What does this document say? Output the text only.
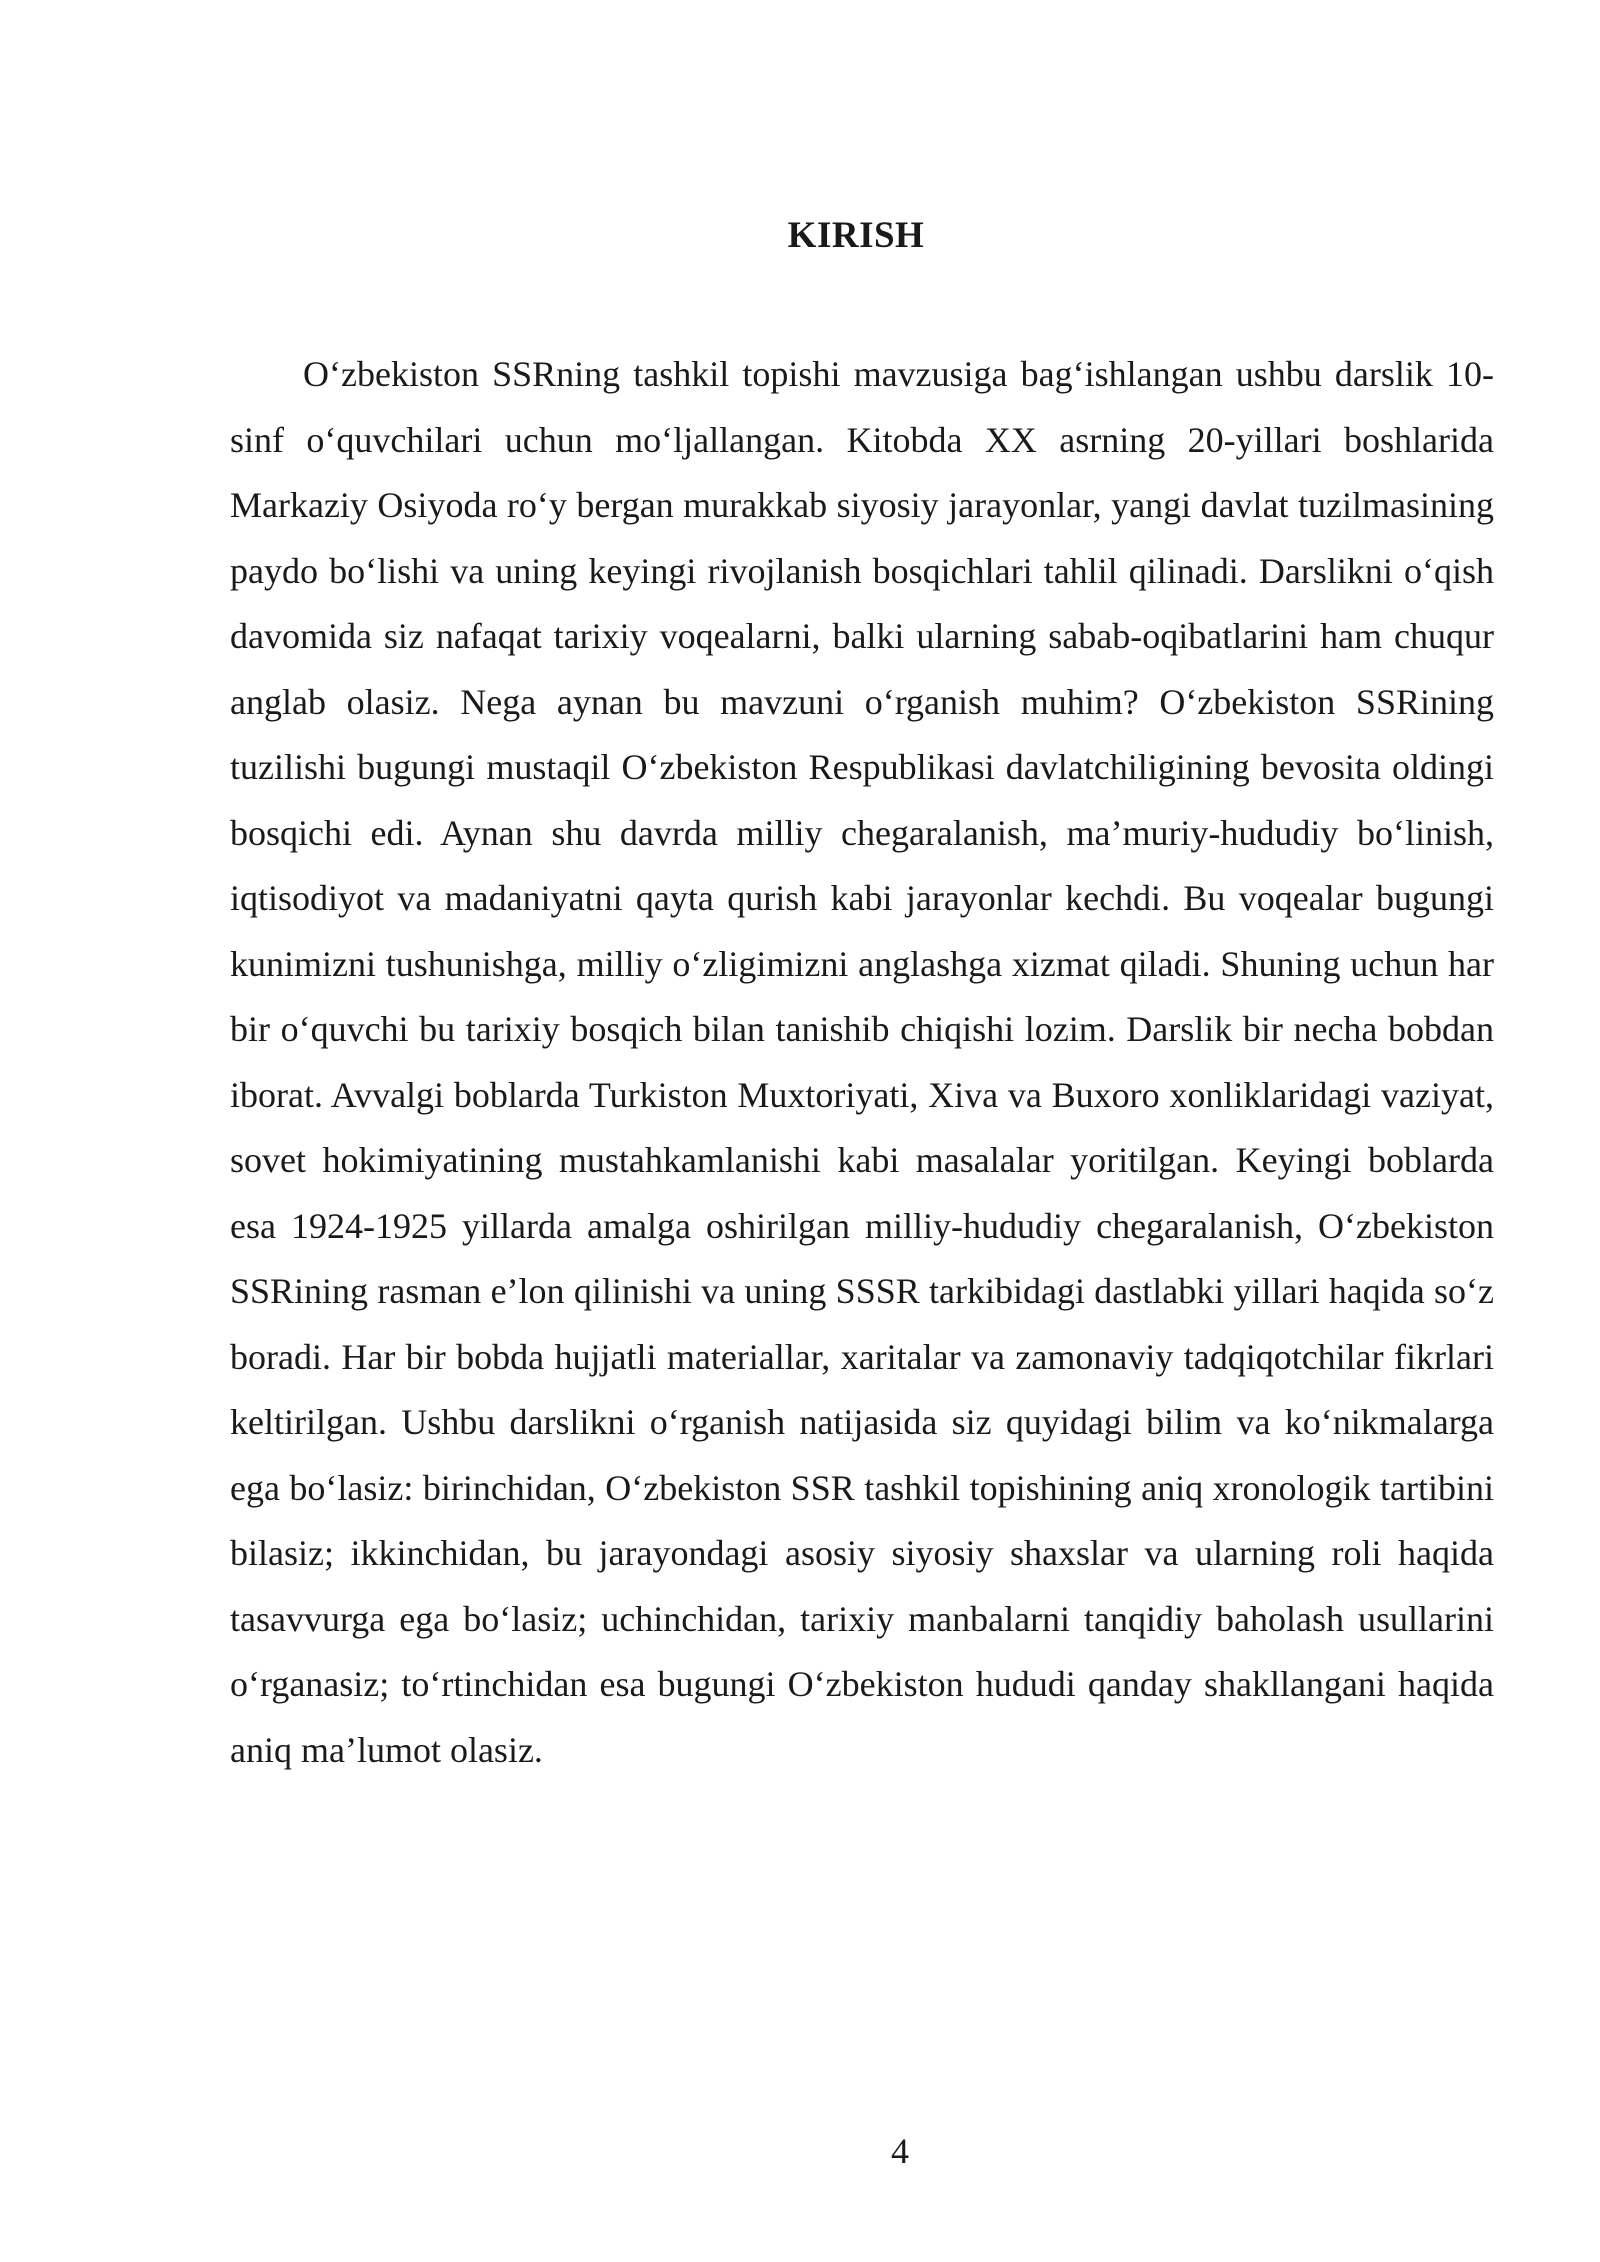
KIRISH

O‘zbekiston SSRning tashkil topishi mavzusiga bag‘ishlangan ushbu darslik 10-sinf o‘quvchilari uchun mo‘ljallangan. Kitobda XX asrning 20-yillari boshlarida Markaziy Osiyoda ro‘y bergan murakkab siyosiy jarayonlar, yangi davlat tuzilmasining paydo bo‘lishi va uning keyingi rivojlanish bosqichlari tahlil qilinadi. Darslikni o‘qish davomida siz nafaqat tarixiy voqealarni, balki ularning sabab-oqibatlarini ham chuqur anglab olasiz. Nega aynan bu mavzuni o‘rganish muhim? O‘zbekiston SSRining tuzilishi bugungi mustaqil O‘zbekiston Respublikasi davlatchiligining bevosita oldingi bosqichi edi. Aynan shu davrda milliy chegaralanish, ma’muriy-hududiy bo‘linish, iqtisodiyot va madaniyatni qayta qurish kabi jarayonlar kechdi. Bu voqealar bugungi kunimizni tushunishga, milliy o‘zligimizni anglashga xizmat qiladi. Shuning uchun har bir o‘quvchi bu tarixiy bosqich bilan tanishib chiqishi lozim. Darslik bir necha bobdan iborat. Avvalgi boblarda Turkiston Muxtoriyati, Xiva va Buxoro xonliklaridagi vaziyat, sovet hokimiyatining mustahkamlanishi kabi masalalar yoritilgan. Keyingi boblarda esa 1924-1925 yillarda amalga oshirilgan milliy-hududiy chegaralanish, O‘zbekiston SSRining rasman e’lon qilinishi va uning SSSR tarkibidagi dastlabki yillari haqida so‘z boradi. Har bir bobda hujjatli materiallar, xaritalar va zamonaviy tadqiqotchilar fikrlari keltirilgan. Ushbu darslikni o‘rganish natijasida siz quyidagi bilim va ko‘nikmalarga ega bo‘lasiz: birinchidan, O‘zbekiston SSR tashkil topishining aniq xronologik tartibini bilasiz; ikkinchidan, bu jarayondagi asosiy siyosiy shaxslar va ularning roli haqida tasavvurga ega bo‘lasiz; uchinchidan, tarixiy manbalarni tanqidiy baholash usullarini o‘rganasiz; to‘rtinchidan esa bugungi O‘zbekiston hududi qanday shakllangani haqida aniq ma’lumot olasiz.

4
